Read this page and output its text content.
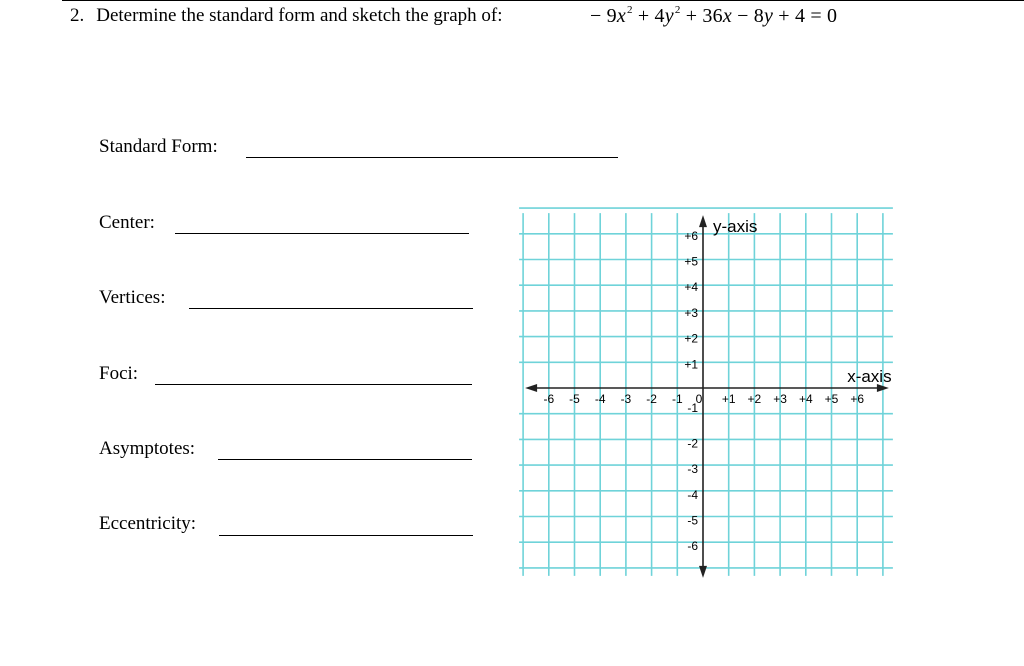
2. Determine the standard form and sketch the graph of:	− $9x^2 + 4y^2 + 36x - 8y + 4 = 0$
Standard Form:
Center:
Vertices:
Foci:
Asymptotes:
Eccentricity:
y-axis
x-axis
-6 -5 -4 -3 -2 -1 0 +1 +2 +3 +4 +5 +6
+6
+5
+4
+3
+2
+1
-1
-2
-3
-4
-5
-6
